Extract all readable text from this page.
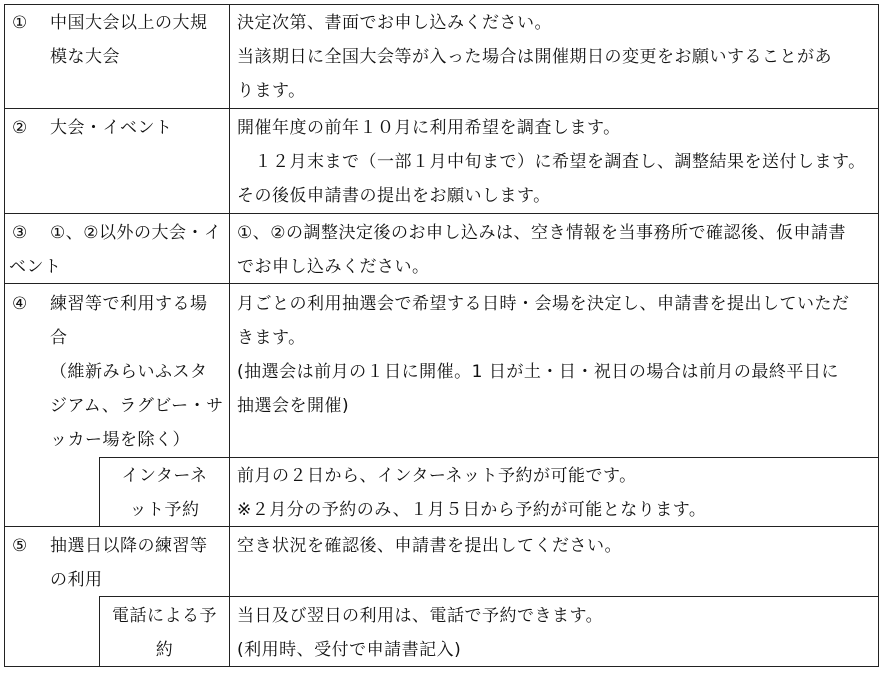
① 中国大会以上の大規
模な大会
決定次第、書面でお申し込みください。
当該期日に全国大会等が入った場合は開催期日の変更をお願いすることがあ
ります。
② 大会・イベント	開催年度の前年１０月に利用希望を調査します。
　１２月末まで（一部１月中旬まで）に希望を調査し、調整結果を送付します。
その後仮申請書の提出をお願いします。
③ ①、②以外の大会・イ
ベント
①、②の調整決定後のお申し込みは、空き情報を当事務所で確認後、仮申請書
でお申し込みください。
④ 練習等で利用する場
合
（維新みらいふスタ
ジアム、ラグビー・サ
ッカー場を除く）
月ごとの利用抽選会で希望する日時・会場を決定し、申請書を提出していただ
きます。
(抽選会は前月の１日に開催。1 日が土・日・祝日の場合は前月の最終平日に
抽選会を開催)
インターネ
ット予約
前月の２日から、インターネット予約が可能です。
※２月分の予約のみ、１月５日から予約が可能となります。
⑤ 抽選日以降の練習等
の利用
空き状況を確認後、申請書を提出してください。
電話による予
約
当日及び翌日の利用は、電話で予約できます。
(利用時、受付で申請書記入)
